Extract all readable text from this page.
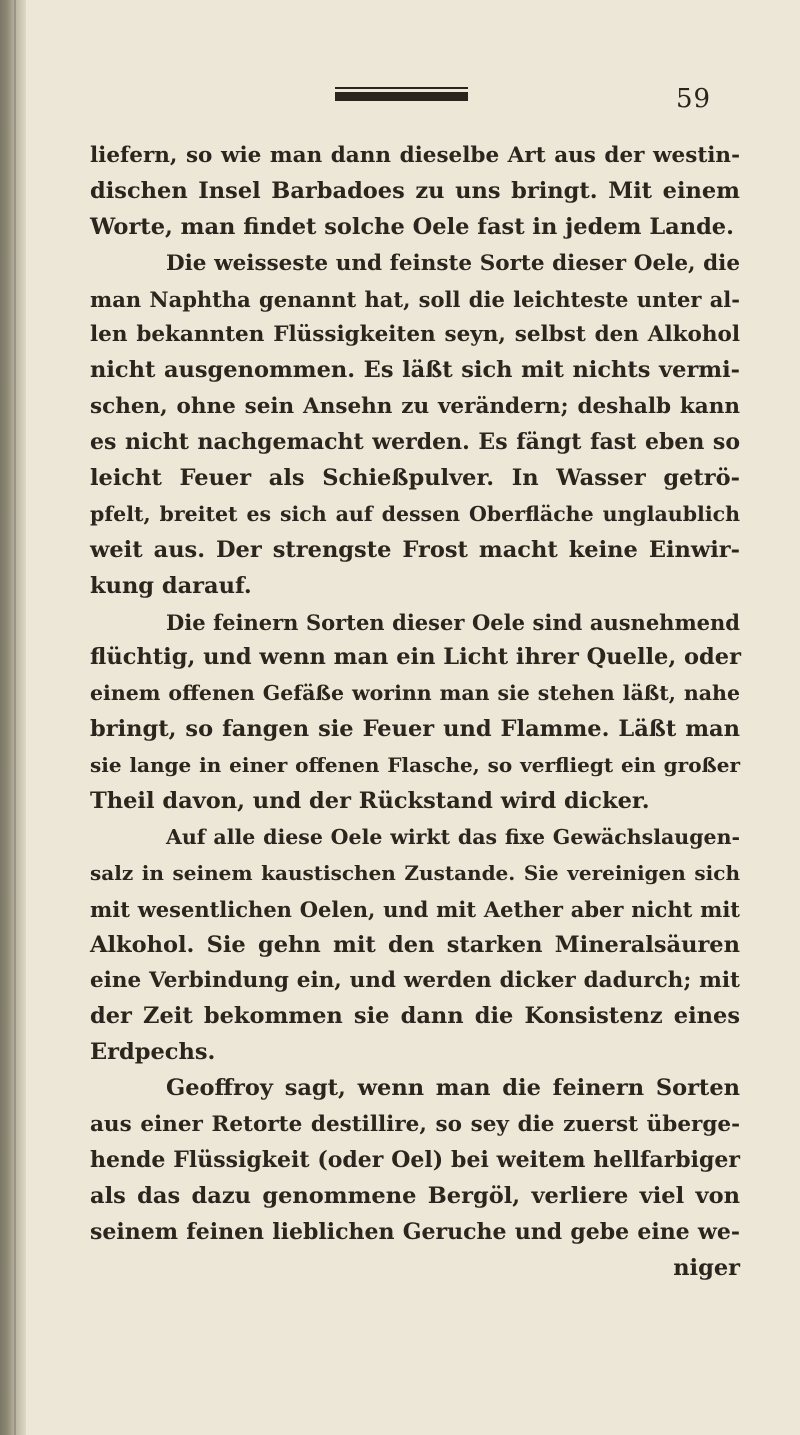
59
liefern, so wie man dann dieselbe Art aus der westin-
dischen Insel Barbadoes zu uns bringt. Mit einem
Worte, man findet solche Oele fast in jedem Lande.
Die weisseste und feinste Sorte dieser Oele, die
man Naphtha genannt hat, soll die leichteste unter al-
len bekannten Flüssigkeiten seyn, selbst den Alkohol
nicht ausgenommen. Es läßt sich mit nichts vermi-
schen, ohne sein Ansehn zu verändern; deshalb kann
es nicht nachgemacht werden. Es fängt fast eben so
leicht Feuer als Schießpulver. In Wasser getrö-
pfelt, breitet es sich auf dessen Oberfläche unglaublich
weit aus. Der strengste Frost macht keine Einwir-
kung darauf.
Die feinern Sorten dieser Oele sind ausnehmend
flüchtig, und wenn man ein Licht ihrer Quelle, oder
einem offenen Gefäße worinn man sie stehen läßt, nahe
bringt, so fangen sie Feuer und Flamme. Läßt man
sie lange in einer offenen Flasche, so verfliegt ein großer
Theil davon, und der Rückstand wird dicker.
Auf alle diese Oele wirkt das fixe Gewächslaugen-
salz in seinem kaustischen Zustande. Sie vereinigen sich
mit wesentlichen Oelen, und mit Aether aber nicht mit
Alkohol. Sie gehn mit den starken Mineralsäuren
eine Verbindung ein, und werden dicker dadurch; mit
der Zeit bekommen sie dann die Konsistenz eines
Erdpechs.
Geoffroy sagt, wenn man die feinern Sorten
aus einer Retorte destillire, so sey die zuerst überge-
hende Flüssigkeit (oder Oel) bei weitem hellfarbiger
als das dazu genommene Bergöl, verliere viel von
seinem feinen lieblichen Geruche und gebe eine we-
niger
